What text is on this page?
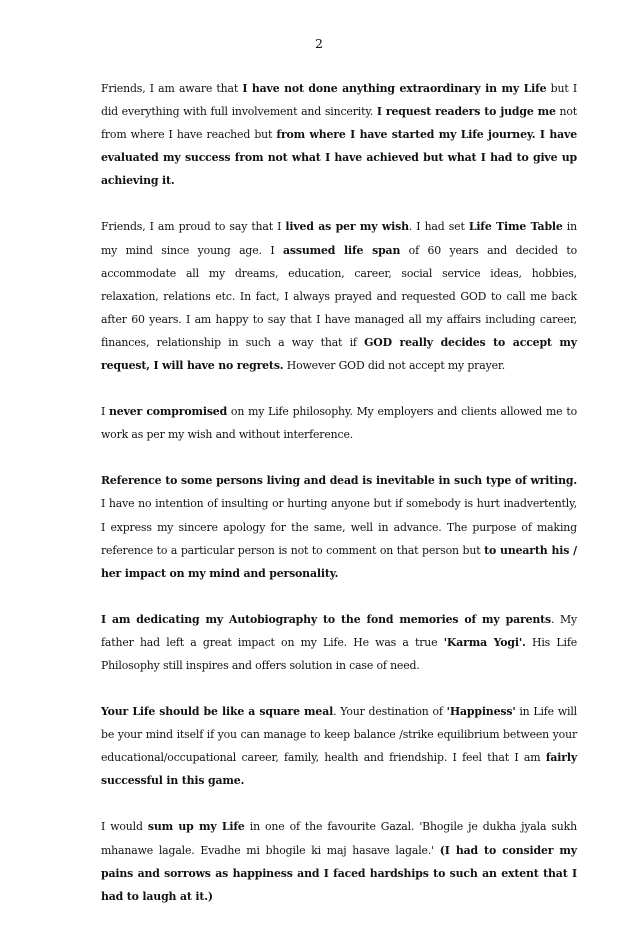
2

Friends, I am aware that I have not done anything extraordinary in my Life but I did everything with full involvement and sincerity. I request readers to judge me not from where I have reached but from where I have started my Life journey. I have evaluated my success from not what I have achieved but what I had to give up achieving it.

Friends, I am proud to say that I lived as per my wish. I had set Life Time Table in my mind since young age. I assumed life span of 60 years and decided to accommodate all my dreams, education, career, social service ideas, hobbies, relaxation, relations etc. In fact, I always prayed and requested GOD to call me back after 60 years. I am happy to say that I have managed all my affairs including career, finances, relationship in such a way that if GOD really decides to accept my request, I will have no regrets. However GOD did not accept my prayer.

I never compromised on my Life philosophy. My employers and clients allowed me to work as per my wish and without interference.

Reference to some persons living and dead is inevitable in such type of writing. I have no intention of insulting or hurting anyone but if somebody is hurt inadvertently, I express my sincere apology for the same, well in advance. The purpose of making reference to a particular person is not to comment on that person but to unearth his / her impact on my mind and personality.

I am dedicating my Autobiography to the fond memories of my parents. My father had left a great impact on my Life. He was a true 'Karma Yogi'. His Life Philosophy still inspires and offers solution in case of need.

Your Life should be like a square meal. Your destination of 'Happiness' in Life will be your mind itself if you can manage to keep balance /strike equilibrium between your educational/occupational career, family, health and friendship. I feel that I am fairly successful in this game.

I would sum up my Life in one of the favourite Gazal. 'Bhogile je dukha jyala sukh mhanawe lagale. Evadhe mi bhogile ki maj hasave lagale.' (I had to consider my pains and sorrows as happiness and I faced hardships to such an extent that I had to laugh at it.)
